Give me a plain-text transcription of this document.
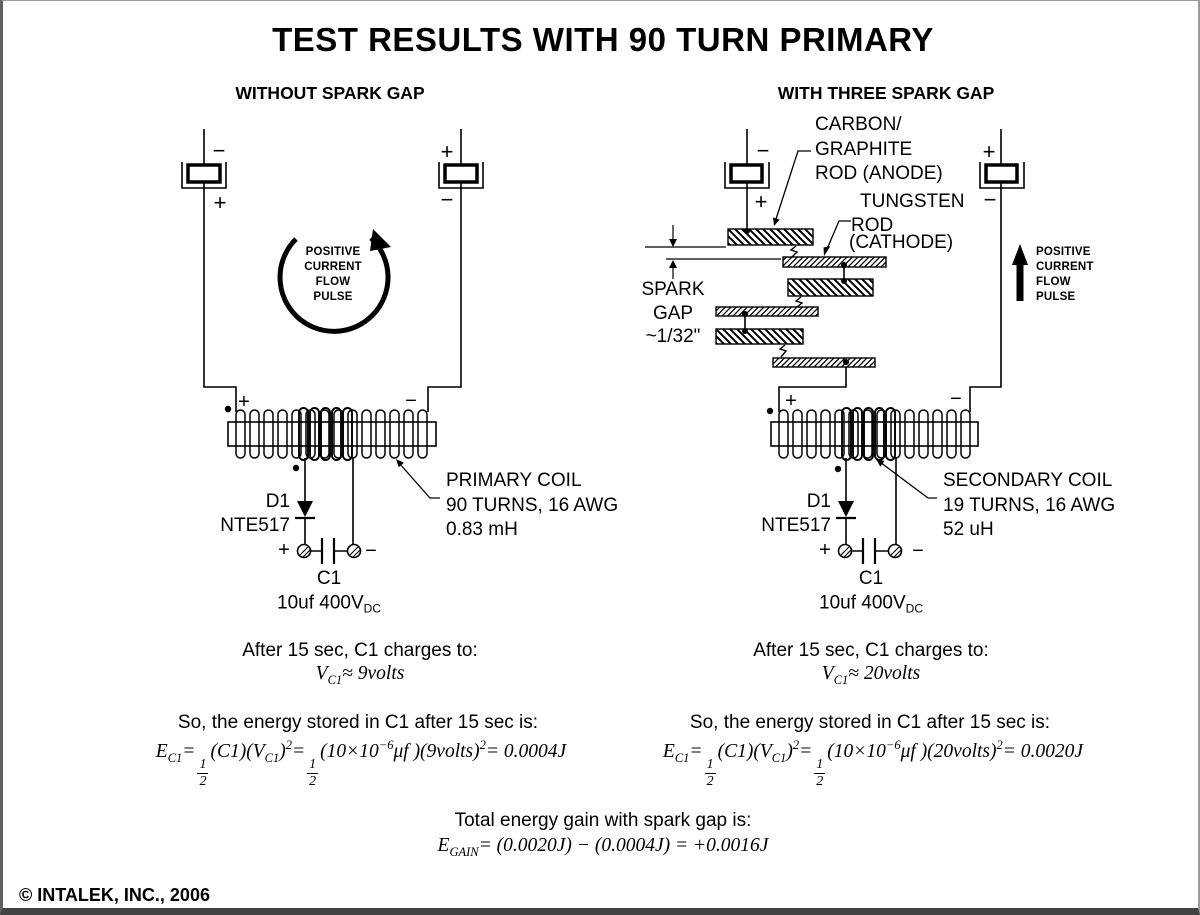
TEST RESULTS WITH 90 TURN PRIMARY
WITHOUT SPARK GAP	WITH THREE SPARK GAP
−
+
+
−
POSITIVE
CURRENT
FLOW
PULSE
+	−
PRIMARY COIL
90 TURNS, 16 AWG
0.83 mH
D1
NTE517
+	−
C1
10uf $400V_{DC}$
After 15 sec, C1 charges to:
$V_{C1}\approx$ 9volts
So, the energy stored in C1 after 15 sec is:
$E_{C1}=$
$\frac{1}{2}$
$(C1)(V_{C1})^2=$
$\frac{1}{2}$
($10\times 10^{-6}\mu f$ )(9volts)$^2$= 0.0004J
−
+
+
−
CARBON/
GRAPHITE
ROD (ANODE)
TUNGSTEN
ROD
(CATHODE)
SPARK
GAP
~1/32"
POSITIVE
CURRENT
FLOW
PULSE
+	−
SECONDARY COIL
19 TURNS, 16 AWG
52 uH
D1
NTE517
+	−
C1
10uf $400V_{DC}$
After 15 sec, C1 charges to:
$V_{C1}\approx$ 20volts
So, the energy stored in C1 after 15 sec is:
$E_{C1}=$
$\frac{1}{2}$
$(C1)(V_{C1})^2=$
$\frac{1}{2}$
($10\times 10^{-6}\mu f$ )(20volts)$^2$= 0.0020J
Total energy gain with spark gap is:
$E_{GAIN}= (0.0020J) - (0.0004J) = +0.0016J$
© INTALEK, INC., 2006
